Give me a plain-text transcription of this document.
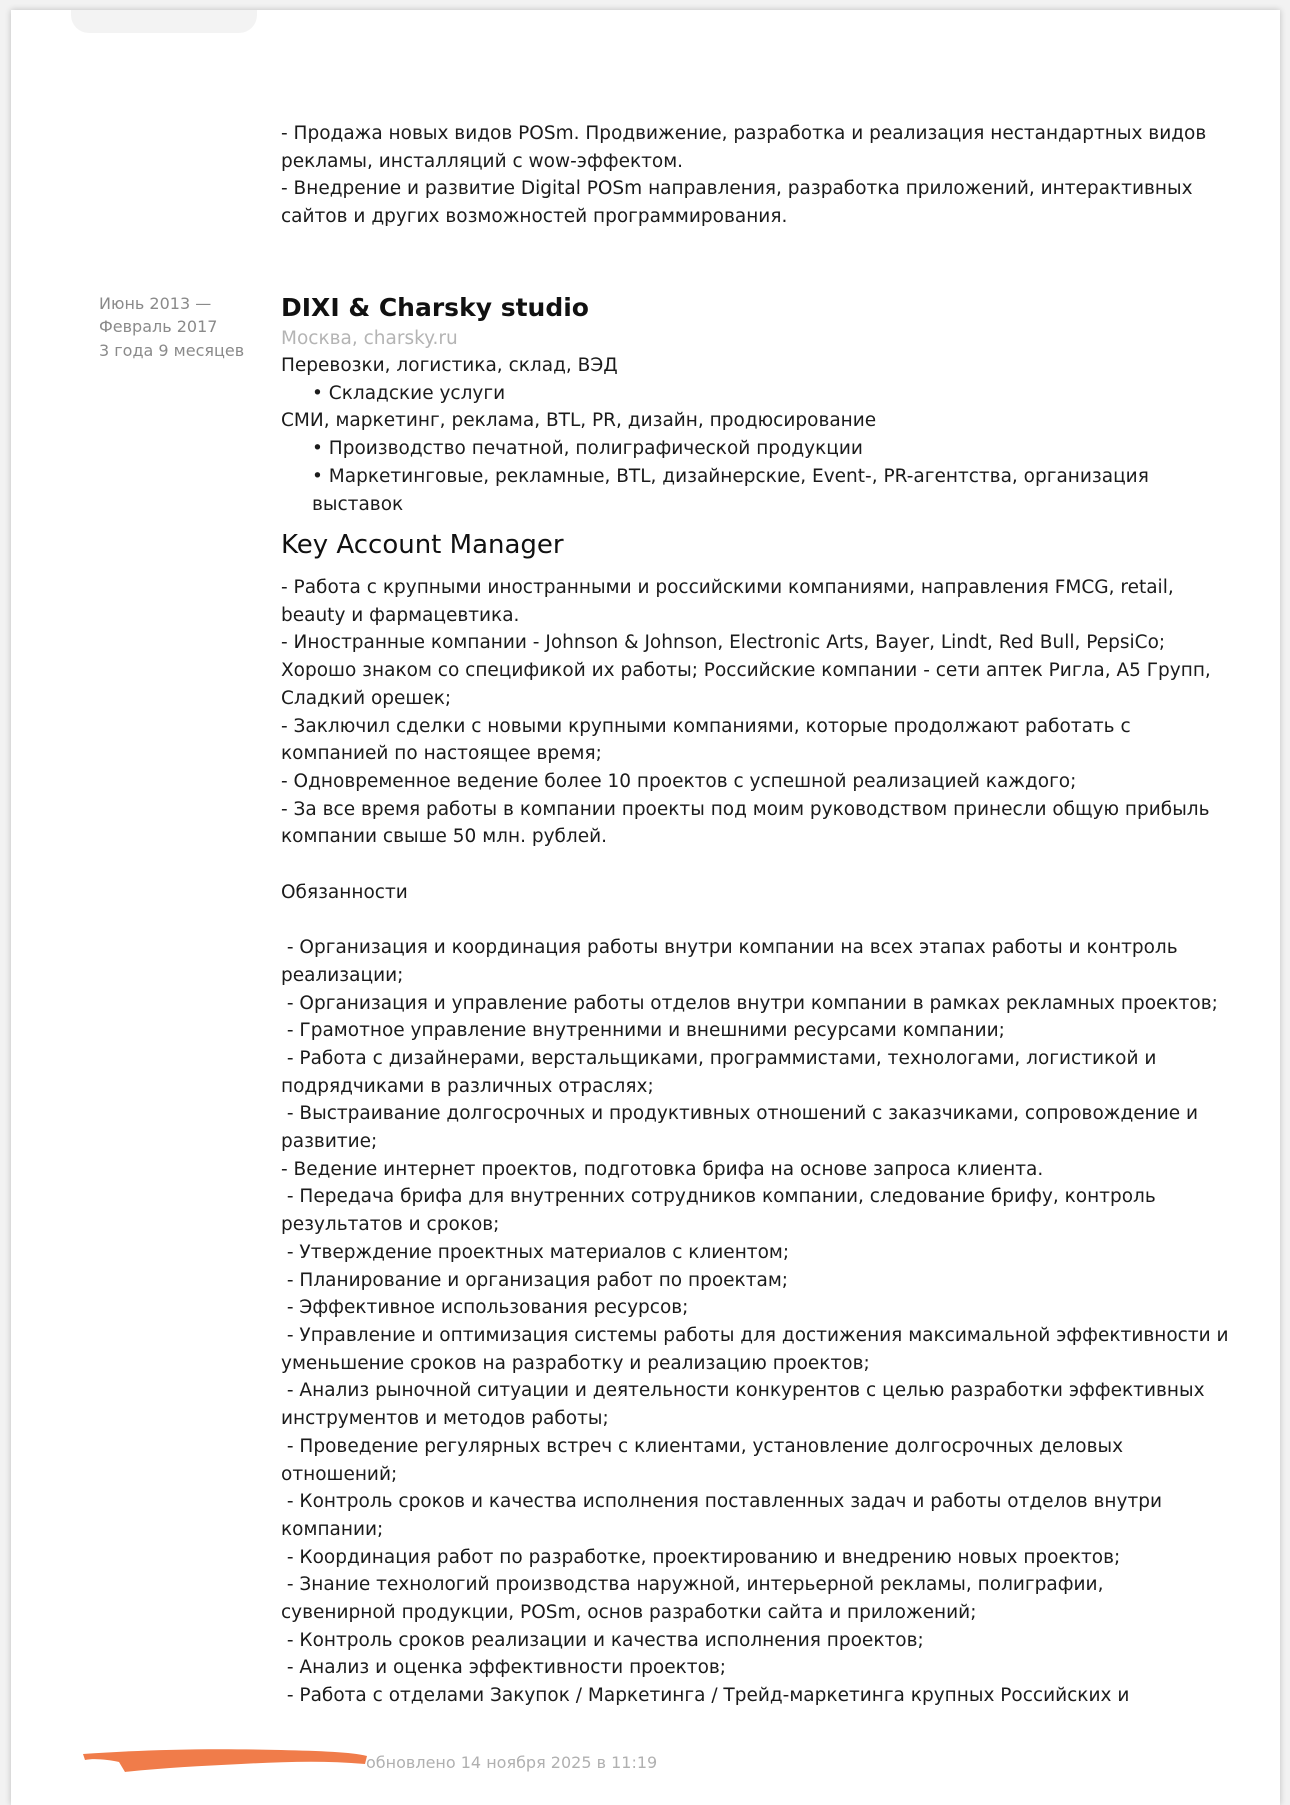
- Продажа новых видов POSm. Продвижение, разработка и реализация нестандартных видов

рекламы, инсталляций с wow-эффектом.

- Внедрение и развитие Digital POSm направления, разработка приложений, интерактивных

сайтов и других возможностей программирования.

Июнь 2013 —

Февраль 2017

3 года 9 месяцев

DIXI & Charsky studio

Москва, charsky.ru

Перевозки, логистика, склад, ВЭД

• Складские услуги

СМИ, маркетинг, реклама, BTL, PR, дизайн, продюсирование

• Производство печатной, полиграфической продукции

• Маркетинговые, рекламные, BTL, дизайнерские, Event-, PR-агентства, организация

выставок

Key Account Manager

- Работа с крупными иностранными и российскими компаниями, направления FMCG, retail,

beauty и фармацевтика.

- Иностранные компании - Johnson & Johnson, Electronic Arts, Bayer, Lindt, Red Bull, PepsiCo;

Хорошо знаком со спецификой их работы; Российские компании - сети аптек Ригла, А5 Групп,

Сладкий орешек;

- Заключил сделки с новыми крупными компаниями, которые продолжают работать с

компанией по настоящее время;

- Одновременное ведение более 10 проектов с успешной реализацией каждого;

- За все время работы в компании проекты под моим руководством принесли общую прибыль

компании свыше 50 млн. рублей.

Обязанности

- Организация и координация работы внутри компании на всех этапах работы и контроль

реализации;

- Организация и управление работы отделов внутри компании в рамках рекламных проектов;

- Грамотное управление внутренними и внешними ресурсами компании;

- Работа с дизайнерами, верстальщиками, программистами, технологами, логистикой и

подрядчиками в различных отраслях;

- Выстраивание долгосрочных и продуктивных отношений с заказчиками, сопровождение и

развитие;

- Ведение интернет проектов, подготовка брифа на основе запроса клиента.

- Передача брифа для внутренних сотрудников компании, следование брифу, контроль

результатов и сроков;

- Утверждение проектных материалов с клиентом;

- Планирование и организация работ по проектам;

- Эффективное использования ресурсов;

- Управление и оптимизация системы работы для достижения максимальной эффективности и

уменьшение сроков на разработку и реализацию проектов;

- Анализ рыночной ситуации и деятельности конкурентов с целью разработки эффективных

инструментов и методов работы;

- Проведение регулярных встреч с клиентами, установление долгосрочных деловых

отношений;

- Контроль сроков и качества исполнения поставленных задач и работы отделов внутри

компании;

- Координация работ по разработке, проектированию и внедрению новых проектов;

- Знание технологий производства наружной, интерьерной рекламы, полиграфии,

сувенирной продукции, POSm, основ разработки сайта и приложений;

- Контроль сроков реализации и качества исполнения проектов;

- Анализ и оценка эффективности проектов;

- Работа с отделами Закупок / Маркетинга / Трейд-маркетинга крупных Российских и

обновлено 14 ноября 2025 в 11:19
